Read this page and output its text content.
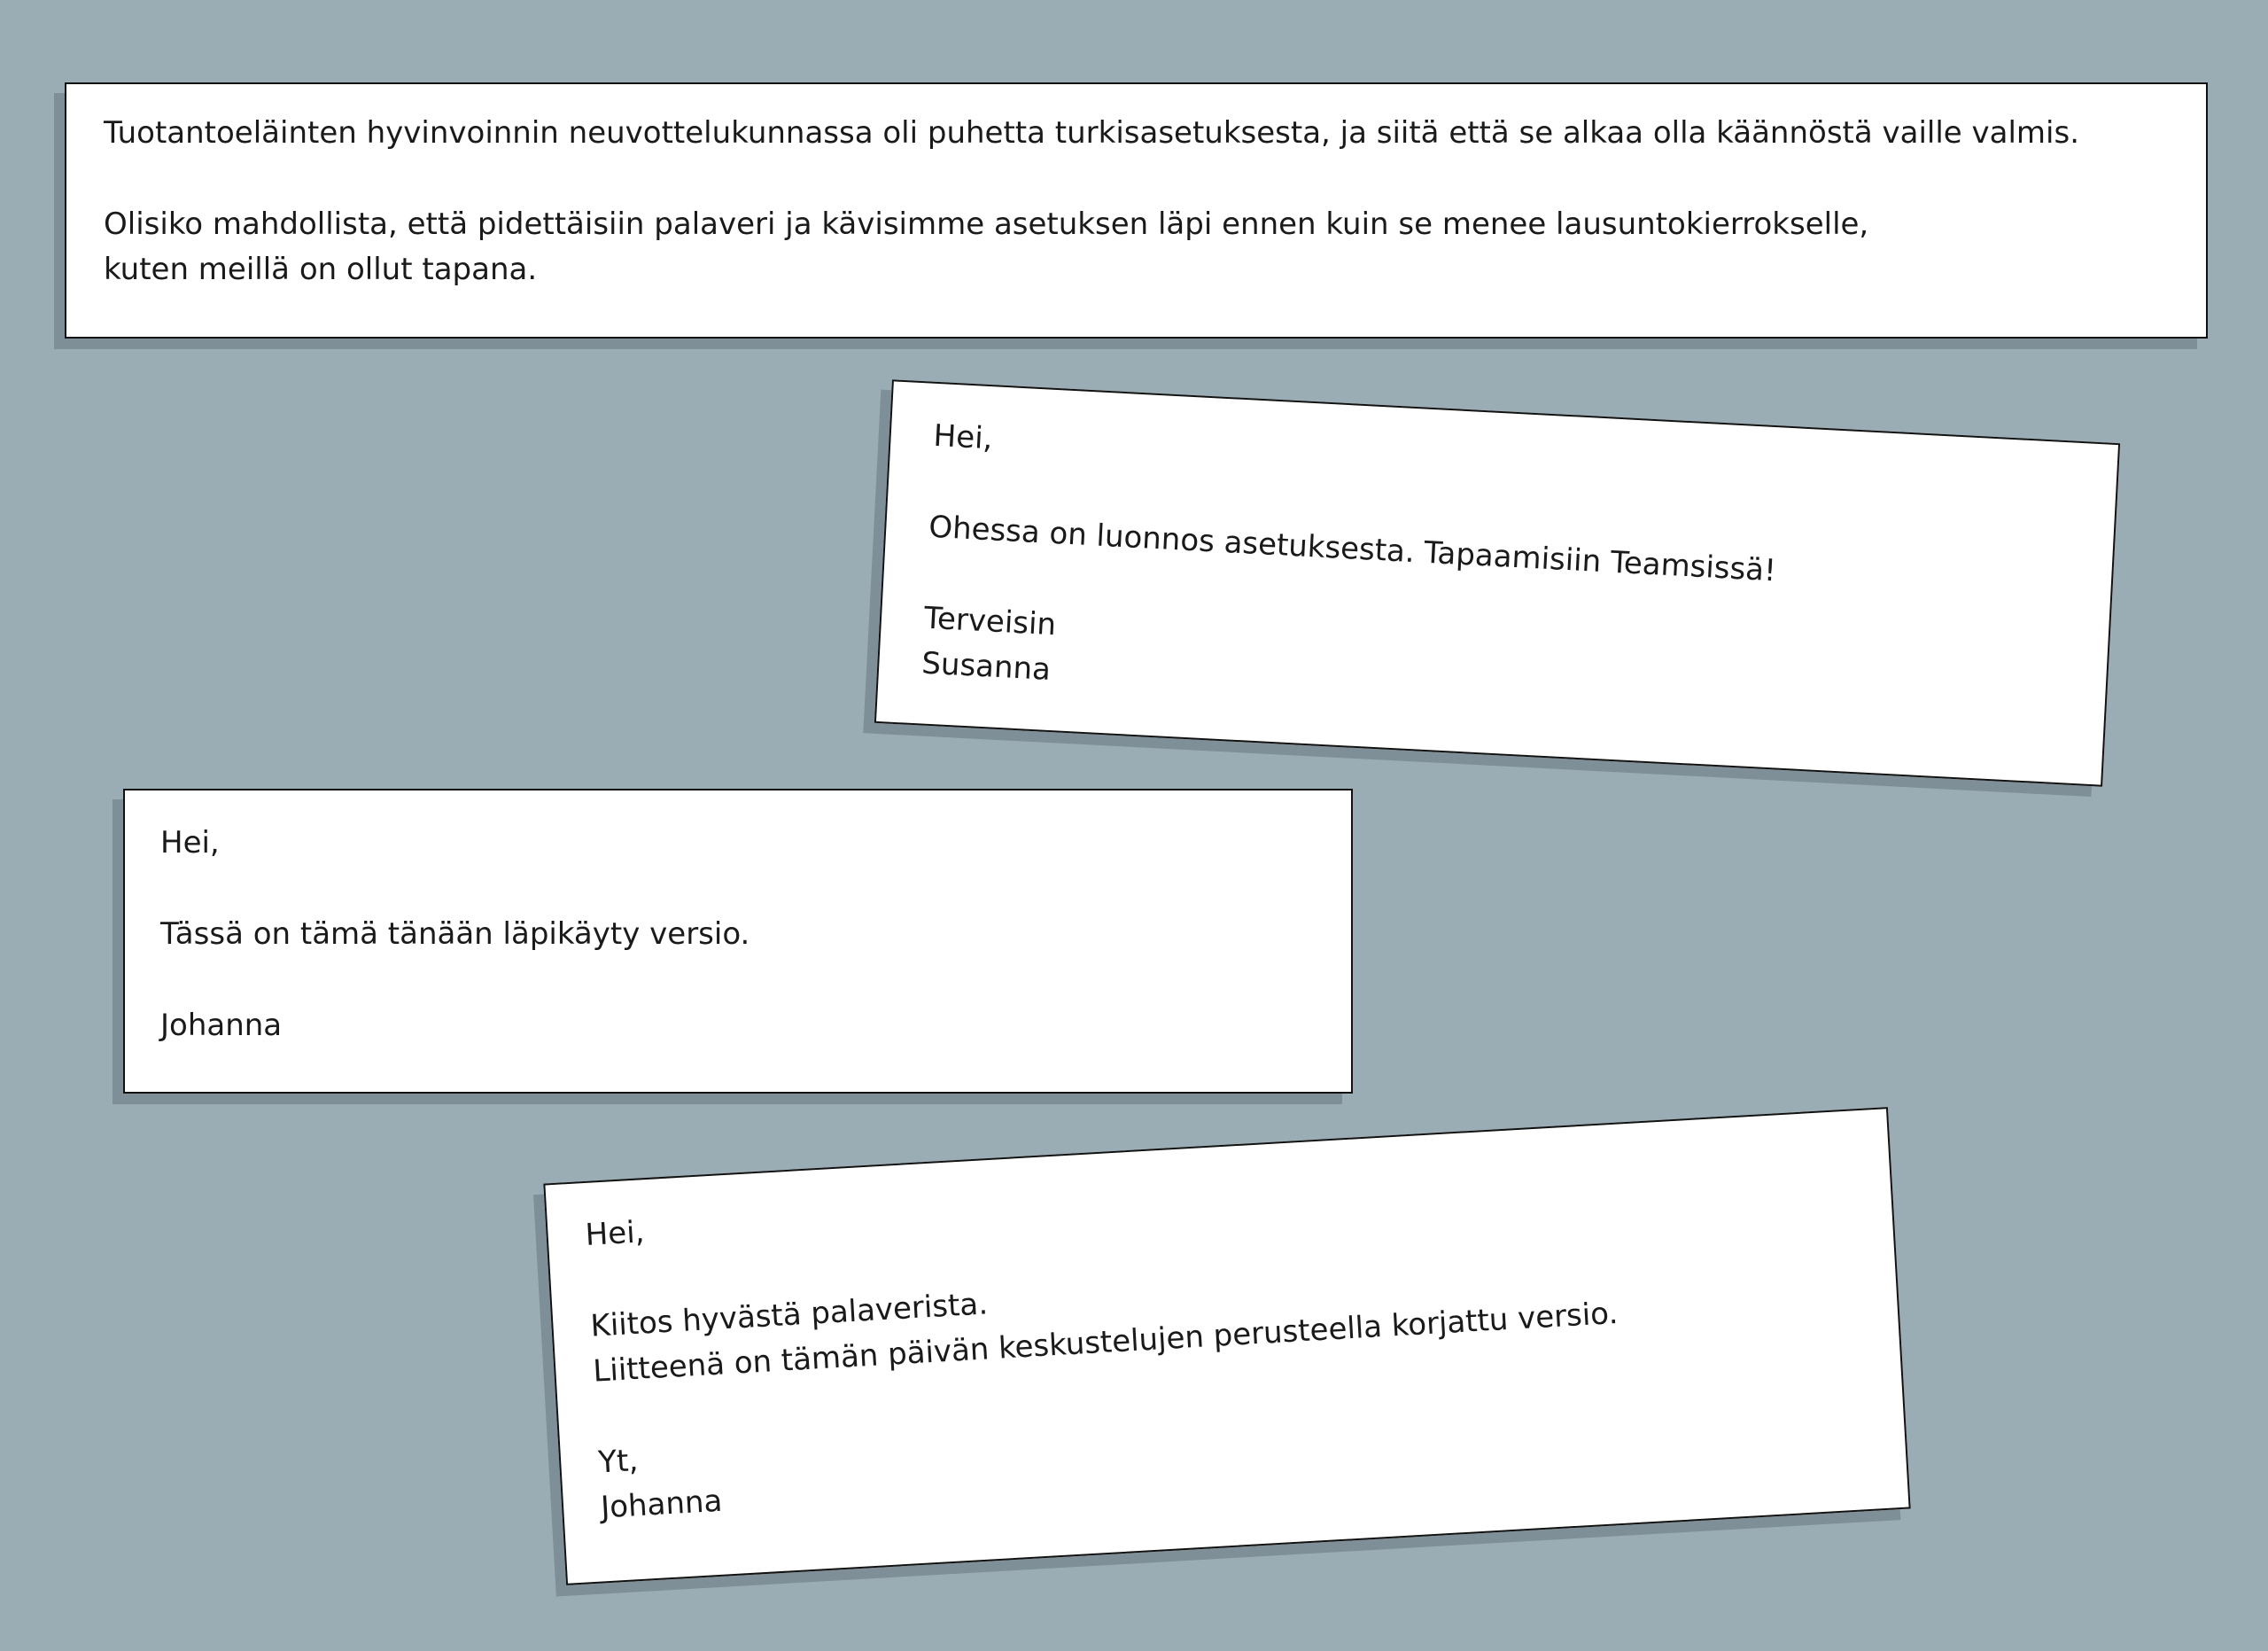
Tuotantoeläinten hyvinvoinnin neuvottelukunnassa oli puhetta turkisasetuksesta, ja siitä että se alkaa olla käännöstä vaille valmis.

Olisiko mahdollista, että pidettäisiin palaveri ja kävisimme asetuksen läpi ennen kuin se menee lausuntokierrokselle,
kuten meillä on ollut tapana.

Hei,

Ohessa on luonnos asetuksesta. Tapaamisiin Teamsissä!

Terveisin

Susanna

Hei,

Tässä on tämä tänään läpikäyty versio.

Johanna

Hei,

Kiitos hyvästä palaverista.
Liitteenä on tämän päivän keskustelujen perusteella korjattu versio.

Yt,

Johanna
